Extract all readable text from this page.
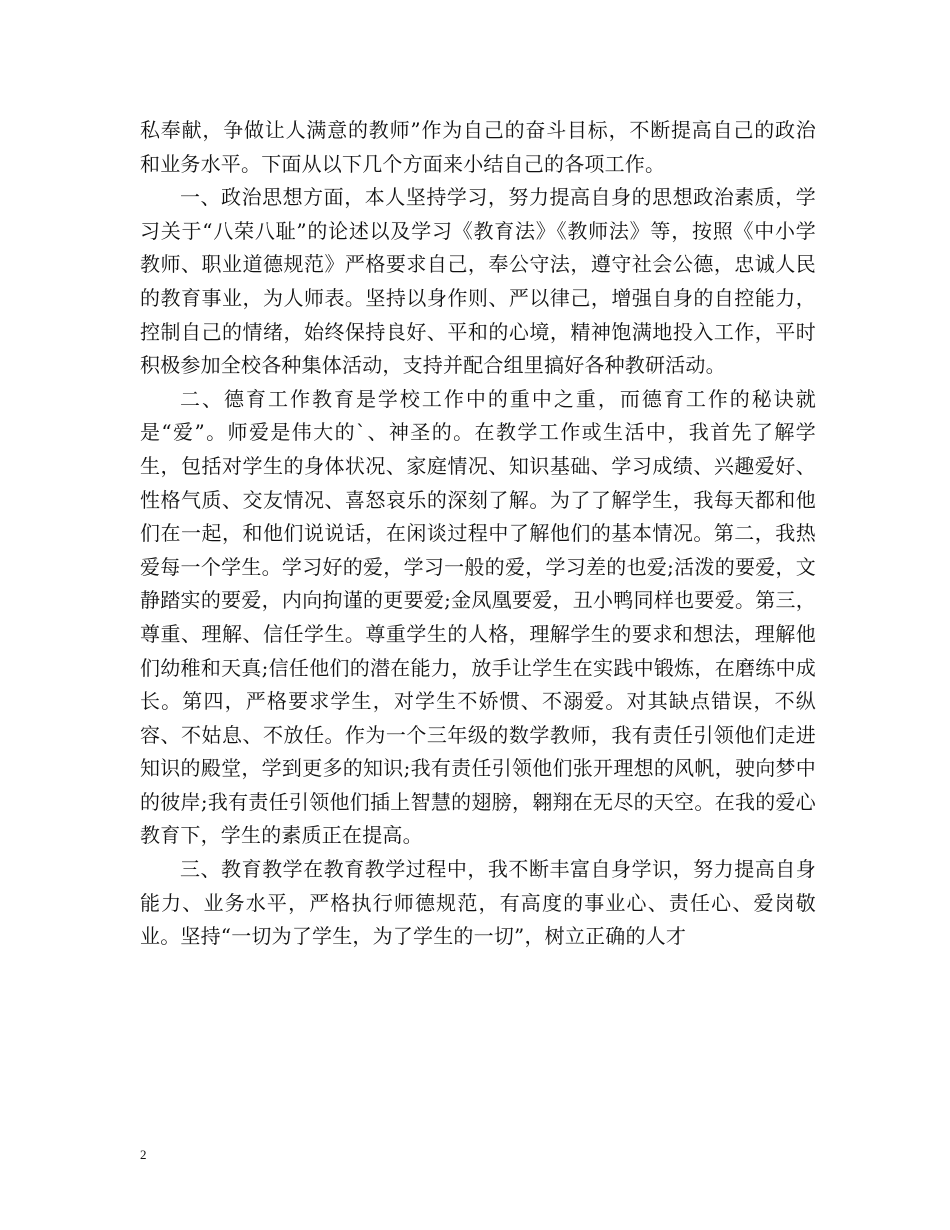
私奉献，争做让人满意的教师”作为自己的奋斗目标，不断提高自己的政治和业务水平。下面从以下几个方面来小结自己的各项工作。

一、政治思想方面，本人坚持学习，努力提高自身的思想政治素质，学习关于“八荣八耻”的论述以及学习《教育法》《教师法》等，按照《中小学教师、职业道德规范》严格要求自己，奉公守法，遵守社会公德，忠诚人民的教育事业，为人师表。坚持以身作则、严以律己，增强自身的自控能力，控制自己的情绪，始终保持良好、平和的心境，精神饱满地投入工作，平时积极参加全校各种集体活动，支持并配合组里搞好各种教研活动。

二、德育工作教育是学校工作中的重中之重，而德育工作的秘诀就是“爱”。师爱是伟大的`、神圣的。在教学工作或生活中，我首先了解学生，包括对学生的身体状况、家庭情况、知识基础、学习成绩、兴趣爱好、性格气质、交友情况、喜怒哀乐的深刻了解。为了了解学生，我每天都和他们在一起，和他们说说话，在闲谈过程中了解他们的基本情况。第二，我热爱每一个学生。学习好的爱，学习一般的爱，学习差的也爱;活泼的要爱，文静踏实的要爱，内向拘谨的更要爱;金凤凰要爱，丑小鸭同样也要爱。第三，尊重、理解、信任学生。尊重学生的人格，理解学生的要求和想法，理解他们幼稚和天真;信任他们的潜在能力，放手让学生在实践中锻炼，在磨练中成长。第四，严格要求学生，对学生不娇惯、不溺爱。对其缺点错误，不纵容、不姑息、不放任。作为一个三年级的数学教师，我有责任引领他们走进知识的殿堂，学到更多的知识;我有责任引领他们张开理想的风帆，驶向梦中的彼岸;我有责任引领他们插上智慧的翅膀，翱翔在无尽的天空。在我的爱心教育下，学生的素质正在提高。

三、教育教学在教育教学过程中，我不断丰富自身学识，努力提高自身能力、业务水平，严格执行师德规范，有高度的事业心、责任心、爱岗敬业。坚持“一切为了学生，为了学生的一切”，树立正确的人才

2
